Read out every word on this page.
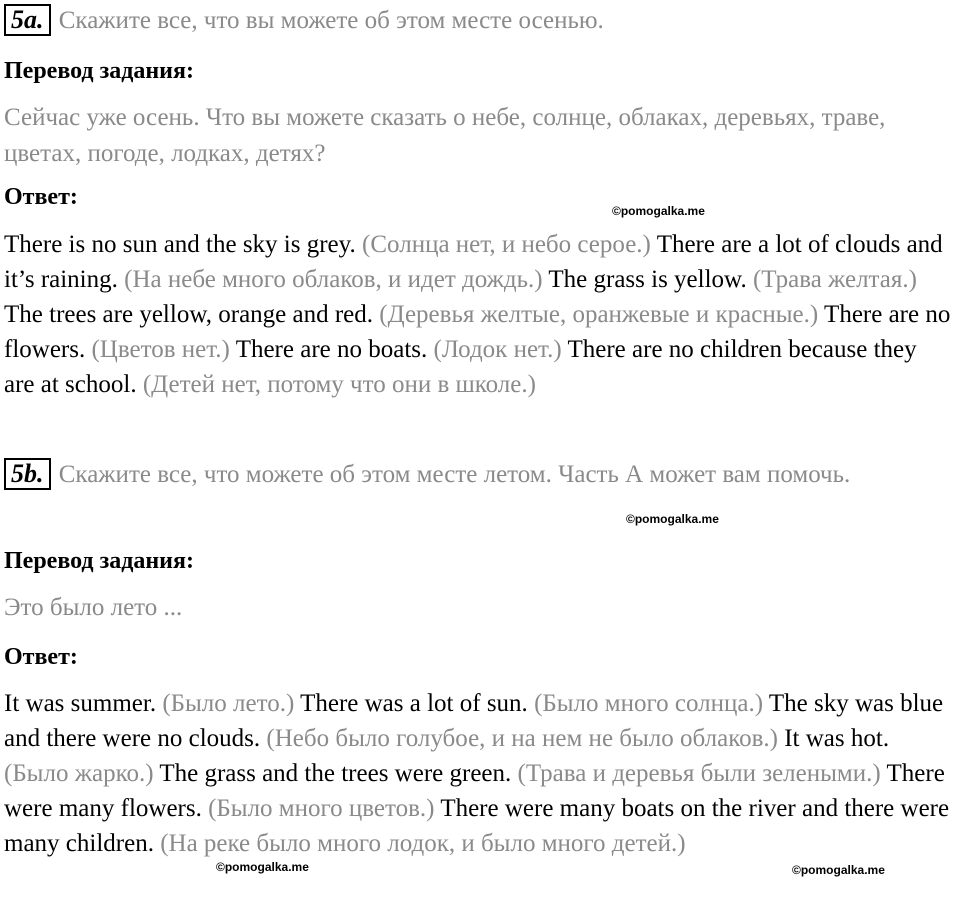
5a. Скажите все, что вы можете об этом месте осенью.
Перевод задания:
Сейчас уже осень. Что вы можете сказать о небе, солнце, облаках, деревьях, траве, цветах, погоде, лодках, детях?
Ответ:
©pomogalka.me
There is no sun and the sky is grey. (Солнца нет, и небо серое.) There are a lot of clouds and it’s raining. (На небе много облаков, и идет дождь.) The grass is yellow. (Трава желтая.) The trees are yellow, orange and red. (Деревья желтые, оранжевые и красные.) There are no flowers. (Цветов нет.) There are no boats. (Лодок нет.) There are no children because they are at school. (Детей нет, потому что они в школе.)
5b. Скажите все, что можете об этом месте летом. Часть А может вам помочь.
©pomogalka.me
Перевод задания:
Это было лето ...
Ответ:
It was summer. (Было лето.) There was a lot of sun. (Было много солнца.) The sky was blue and there were no clouds. (Небо было голубое, и на нем не было облаков.) It was hot. (Было жарко.) The grass and the trees were green. (Трава и деревья были зелеными.) There were many flowers. (Было много цветов.) There were many boats on the river and there were many children. (На реке было много лодок, и было много детей.)
©pomogalka.me	©pomogalka.me
